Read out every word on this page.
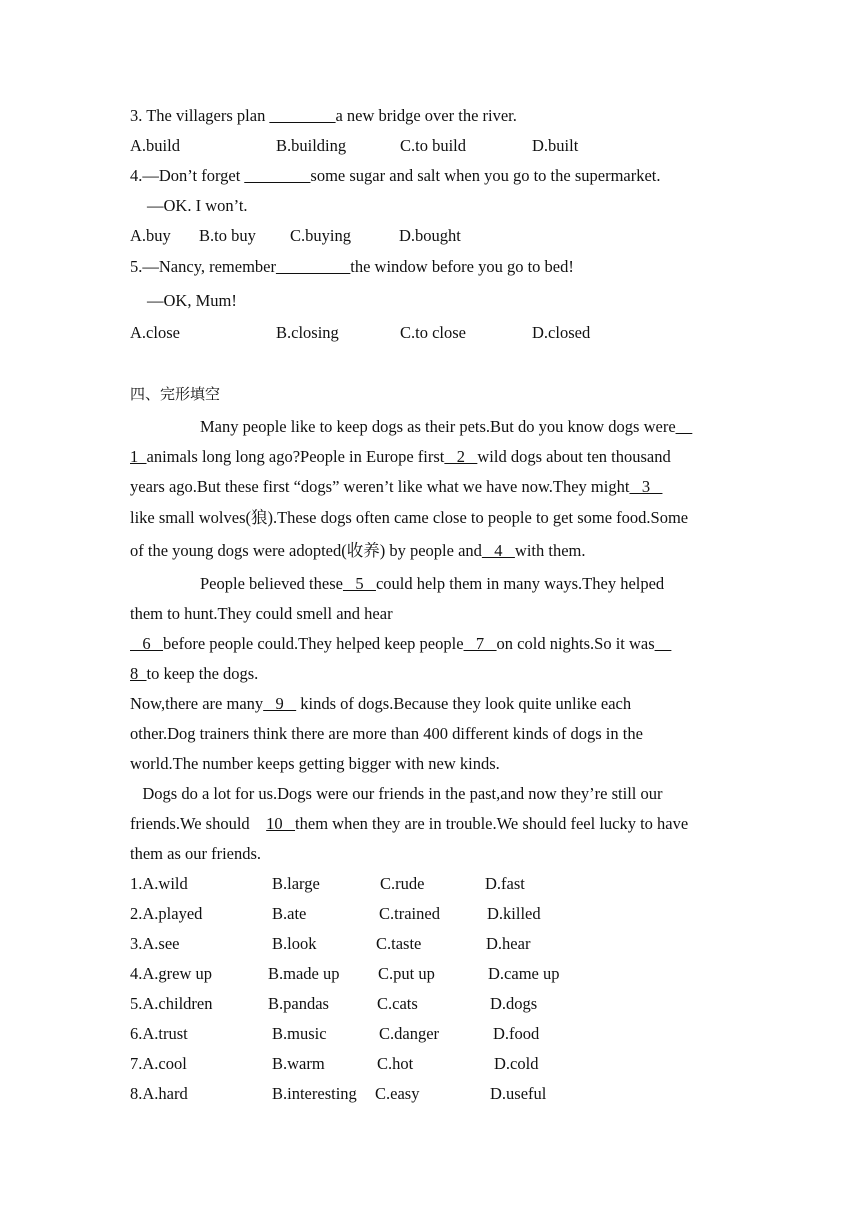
3. The villagers plan ________a new bridge over the river.
A.build	B.building	C.to build	D.built
4.—Don’t forget ________some sugar and salt when you go to the supermarket.
—OK. I won’t.
A.buy B.to buy C.buying	D.bought
5.—Nancy, remember_________the window before you go to bed!
—OK, Mum!
A.close	B.closing	C.to close	D.closed
四、完形填空
Many people like to keep dogs as their pets.But do you know dogs were__
1  animals long long ago?People in Europe first   2   wild dogs about ten thousand
years ago.But these first “dogs” weren’t like what we have now.They might   3
like small wolves(狼).These dogs often came close to people to get some food.Some
of the young dogs were adopted(收养) by people and   4   with them.
People believed these   5   could help them in many ways.They helped
them to hunt.They could smell and hear
6   before people could.They helped keep people   7   on cold nights.So it was__
8  to keep the dogs.
Now,there are many   9    kinds of dogs.Because they look quite unlike each
other.Dog trainers think there are more than 400 different kinds of dogs in the
world.The number keeps getting bigger with new kinds.
Dogs do a lot for us.Dogs were our friends in the past,and now they’re still our
friends.We should    10   them when they are in trouble.We should feel lucky to have
them as our friends.
1.A.wild	B.large	C.rude	D.fast
2.A.played	B.ate	C.trained	D.killed
3.A.see	B.look	C.taste	D.hear
4.A.grew up	B.made up C.put up	D.came up
5.A.children	B.pandas	C.cats	D.dogs
6.A.trust	B.music	C.danger	D.food
7.A.cool	B.warm	C.hot	D.cold
8.A.hard	B.interesting C.easy	D.useful
